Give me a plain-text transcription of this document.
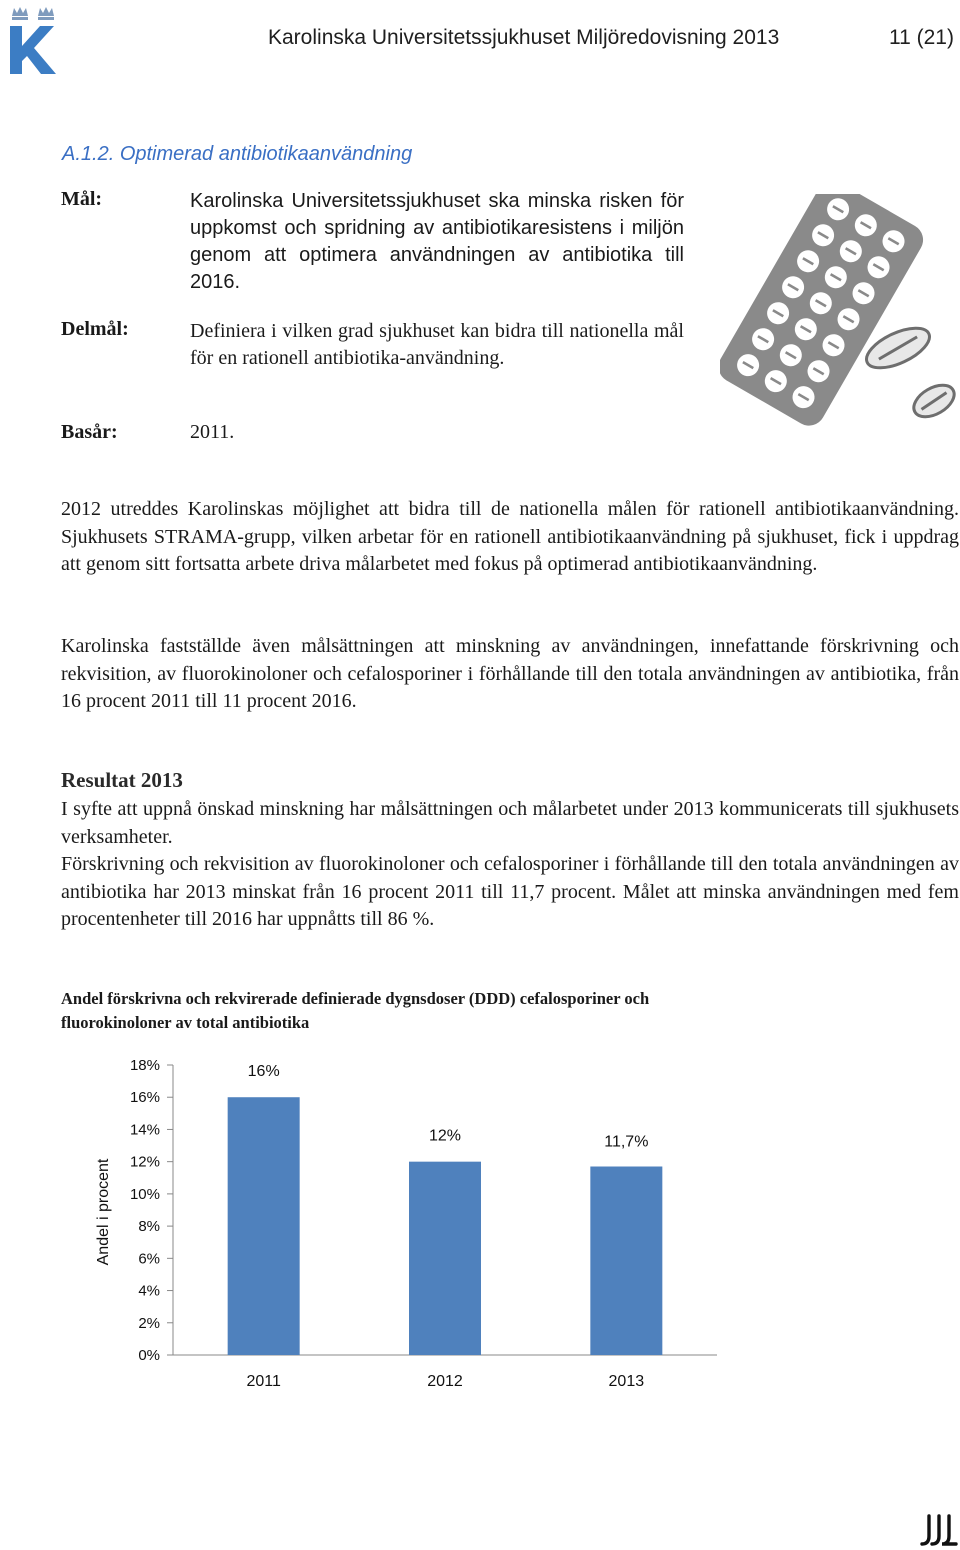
Karolinska Universitetssjukhuset Miljöredovisning 2013	11 (21)
A.1.2. Optimerad antibiotikaanvändning
Mål:	Karolinska Universitetssjukhuset ska minska risken för uppkomst och spridning av antibiotikaresistens i miljön genom att optimera användningen av antibiotika till 2016.
Delmål:	Definiera i vilken grad sjukhuset kan bidra till nationella mål för en rationell antibiotika-användning.
Basår:	2011.
2012 utreddes Karolinskas möjlighet att bidra till de nationella målen för rationell antibiotikaanvändning. Sjukhusets STRAMA-grupp, vilken arbetar för en rationell antibiotikaanvändning på sjukhuset, fick i uppdrag att genom sitt fortsatta arbete driva målarbetet med fokus på optimerad antibiotikaanvändning.
Karolinska fastställde även målsättningen att minskning av användningen, innefattande förskrivning och rekvisition, av fluorokinoloner och cefalosporiner i förhållande till den totala användningen av antibiotika, från 16 procent 2011 till 11 procent 2016.
Resultat 2013
I syfte att uppnå önskad minskning har målsättningen och målarbetet under 2013 kommunicerats till sjukhusets verksamheter.
Förskrivning och rekvisition av fluorokinoloner och cefalosporiner i förhållande till den totala användningen av antibiotika har 2013 minskat från 16 procent 2011 till 11,7 procent. Målet att minska användningen med fem procentenheter till 2016 har uppnåtts till 86 %.
Andel förskrivna och rekvirerade definierade dygnsdoser (DDD) cefalosporiner och fluorokinoloner av total antibiotika
0%
2%
4%
6%
8%
10%
12%
14%
16%
18%
2011	2012	2013
16%
12%	11,7%
Andel i procent
